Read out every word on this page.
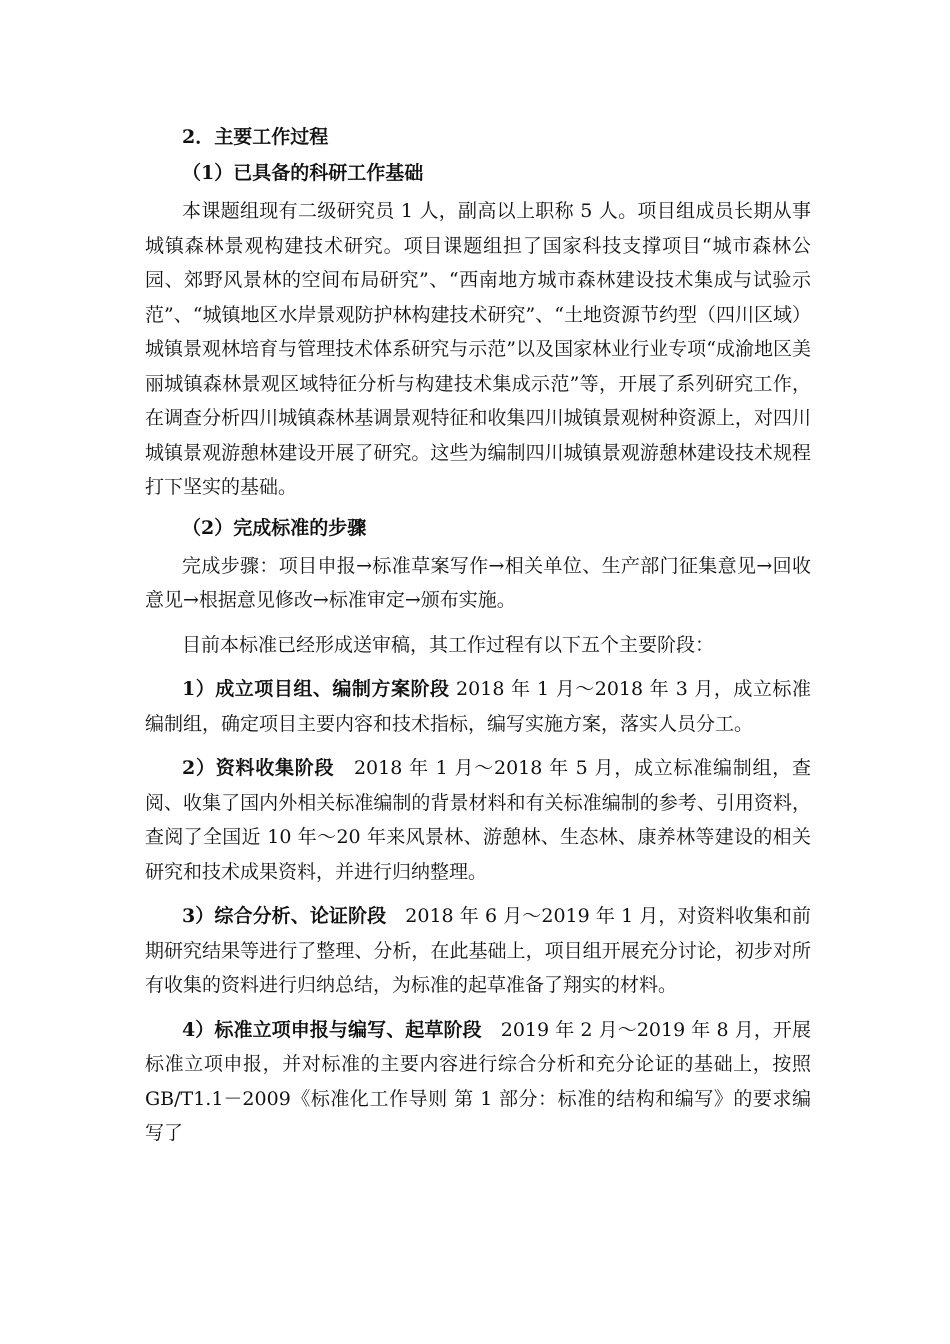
2．主要工作过程
（1）已具备的科研工作基础

本课题组现有二级研究员 1 人，副高以上职称 5 人。项目组成员长期从事城镇森林景观构建技术研究。项目课题组担了国家科技支撑项目“城市森林公园、郊野风景林的空间布局研究”、“西南地方城市森林建设技术集成与试验示范”、“城镇地区水岸景观防护林构建技术研究”、“土地资源节约型（四川区域）城镇景观林培育与管理技术体系研究与示范”以及国家林业行业专项“成渝地区美丽城镇森林景观区域特征分析与构建技术集成示范”等，开展了系列研究工作，在调查分析四川城镇森林基调景观特征和收集四川城镇景观树种资源上，对四川城镇景观游憩林建设开展了研究。这些为编制四川城镇景观游憩林建设技术规程打下坚实的基础。

（2）完成标准的步骤

完成步骤：项目申报→标准草案写作→相关单位、生产部门征集意见→回收意见→根据意见修改→标准审定→颁布实施。

目前本标准已经形成送审稿，其工作过程有以下五个主要阶段：

1）成立项目组、编制方案阶段 2018 年 1 月～2018 年 3 月，成立标准编制组，确定项目主要内容和技术指标，编写实施方案，落实人员分工。

2）资料收集阶段　2018 年 1 月～2018 年 5 月，成立标准编制组，查阅、收集了国内外相关标准编制的背景材料和有关标准编制的参考、引用资料，查阅了全国近 10 年～20 年来风景林、游憩林、生态林、康养林等建设的相关研究和技术成果资料，并进行归纳整理。

3）综合分析、论证阶段　2018 年 6 月～2019 年 1 月，对资料收集和前期研究结果等进行了整理、分析，在此基础上，项目组开展充分讨论，初步对所有收集的资料进行归纳总结，为标准的起草准备了翔实的材料。

4）标准立项申报与编写、起草阶段　2019 年 2 月～2019 年 8 月，开展标准立项申报，并对标准的主要内容进行综合分析和充分论证的基础上，按照 GB/T1.1－2009《标准化工作导则 第 1 部分：标准的结构和编写》的要求编写了
